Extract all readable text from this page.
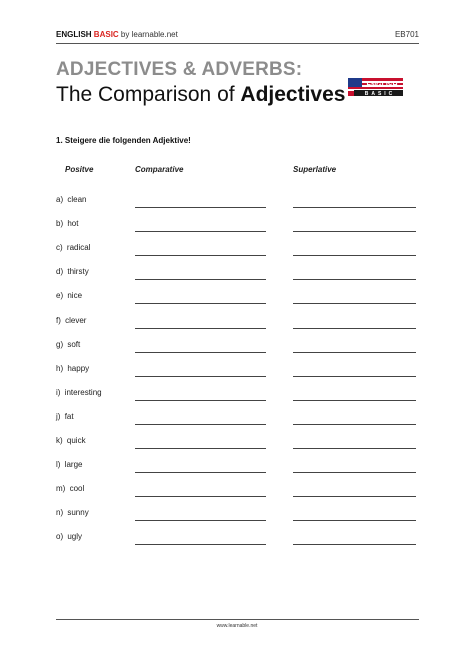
ENGLISH BASIC by learnable.net	EB701
ADJECTIVES & ADVERBS:
The Comparison of Adjectives	ENGLISH
BASIC
1. Steigere die folgenden Adjektive!
Positve	Comparative	Superlative
a) clean
b) hot
c) radical
d) thirsty
e) nice
f) clever
g) soft
h) happy
i) interesting
j) fat
k) quick
l) large
m) cool
n) sunny
o) ugly
www.learnable.net
